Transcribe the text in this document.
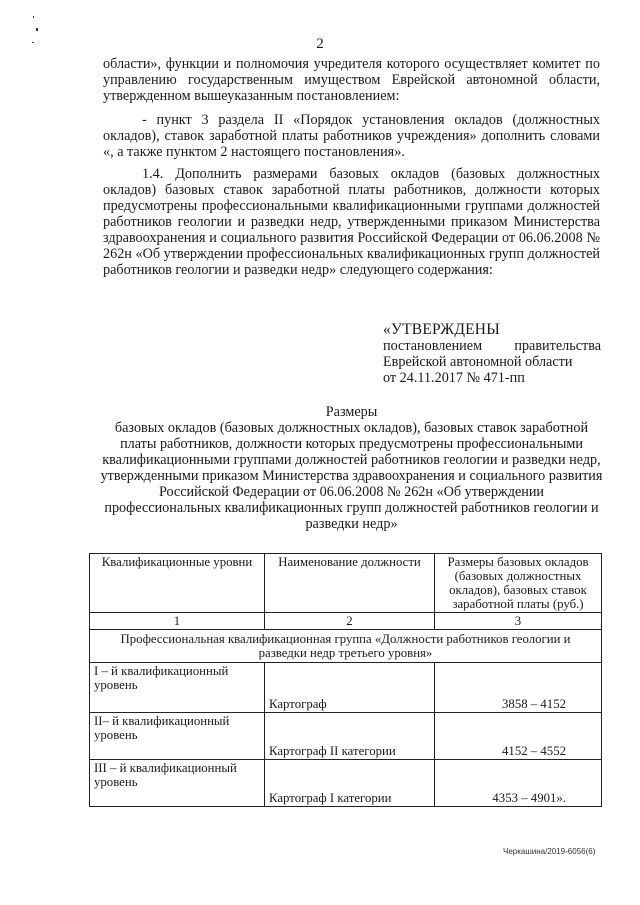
2

области», функции и полномочия учредителя которого осуществляет комитет по управлению государственным имуществом Еврейской автономной области, утвержденном вышеуказанным постановлением:

- пункт 3 раздела II «Порядок установления окладов (должностных окладов), ставок заработной платы работников учреждения» дополнить словами «, а также пунктом 2 настоящего постановления».

1.4. Дополнить размерами базовых окладов (базовых должностных окладов) базовых ставок заработной платы работников, должности которых предусмотрены профессиональными квалификационными группами должностей работников геологии и разведки недр, утвержденными приказом Министерства здравоохранения и социального развития Российской Федерации от 06.06.2008 № 262н «Об утверждении профессиональных квалификационных групп должностей работников геологии и разведки недр» следующего содержания:

«УТВЕРЖДЕНЫ
постановлением правительства Еврейской автономной области
от 24.11.2017 № 471-пп
Размеры
базовых окладов (базовых должностных окладов), базовых ставок заработной платы работников, должности которых предусмотрены профессиональными квалификационными группами должностей работников геологии и разведки недр, утвержденными приказом Министерства здравоохранения и социального развития Российской Федерации от 06.06.2008 № 262н «Об утверждении профессиональных квалификационных групп должностей работников геологии и разведки недр»
Квалификационные уровни	Наименование должности	Размеры базовых окладов (базовых должностных окладов), базовых ставок заработной платы (руб.)
1	2	3
Профессиональная квалификационная группа «Должности работников геологии и разведки недр третьего уровня»		
I – й квалификационный уровень	Картограф	3858 – 4152
II– й квалификационный уровень	Картограф II категории	4152 – 4552
III – й квалификационный уровень	Картограф I категории	4353 – 4901».
Черкашина/2019-6056(6)
